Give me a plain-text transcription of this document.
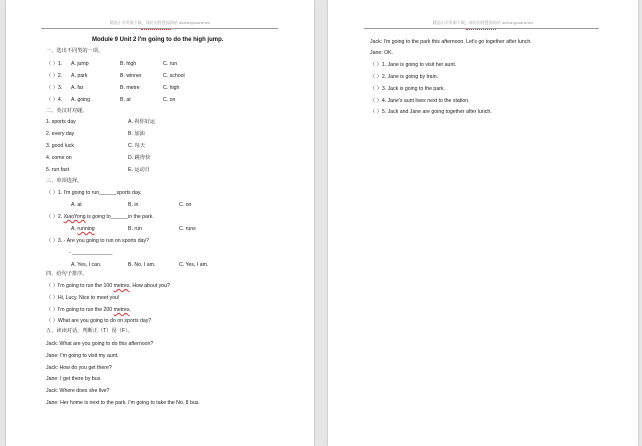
精品小学资源下载，请访问智慧园网站 dlzhangxuanzhen
Module 9 Unit 2 I'm going to do the high jump.
一、选出不同类的一项。
（ ）1. A. jump	B. high	C. run
（ ）2. A. park	B. winner	C. school
（ ）3. A. far	B. metre	C. high
（ ）4. A. going	B. at	C. on
二、英汉对对碰。
1. sports day	A. 祝你好运
2. every day	B. 加油
3. good luck	C. 每天
4. come on	D. 跳得快
5. run fast	E. 运动日
三、单项选择。
（ ）1. I'm going to run______sports day.
A. at	B. in	C. on
（ ）2. XiaoYong is going to______in the park.
A. running	B. run	C. runs
（ ）3. - Are you going to run on sports day?
- ______________
A. Yes, I can.	B. No, I am.	C. Yes, I am.
四、给句子排序。
（ ）I'm going to run the 100 metres. How about you?
（ ）Hi, Lucy. Nice to meet you!
（ ）I'm going to run the 200 metres.
（ ）What are you going to do on sports day?
五、读读对话，判断正（T）误（F）。
Jack: What are you going to do this afternoon?
Jane: I'm going to visit my aunt.
Jack: How do you get there?
Jane: I get there by bus.
Jack: Where does she live?
Jane: Her home is next to the park. I'm going to take the No. 8 bus.
精品小学资源下载，请访问智慧园网站 dlzhangxuanzhen
Jack: I'm going to the park this afternoon. Let's go together after lunch.
Jane: OK.
（ ）1. Jane is going to visit her aunt.
（ ）2. Jane is going by train.
（ ）3. Jack is going to the park.
（ ）4. Jane's aunt lives next to the station.
（ ）5. Jack and Jane are going together after lunch.
